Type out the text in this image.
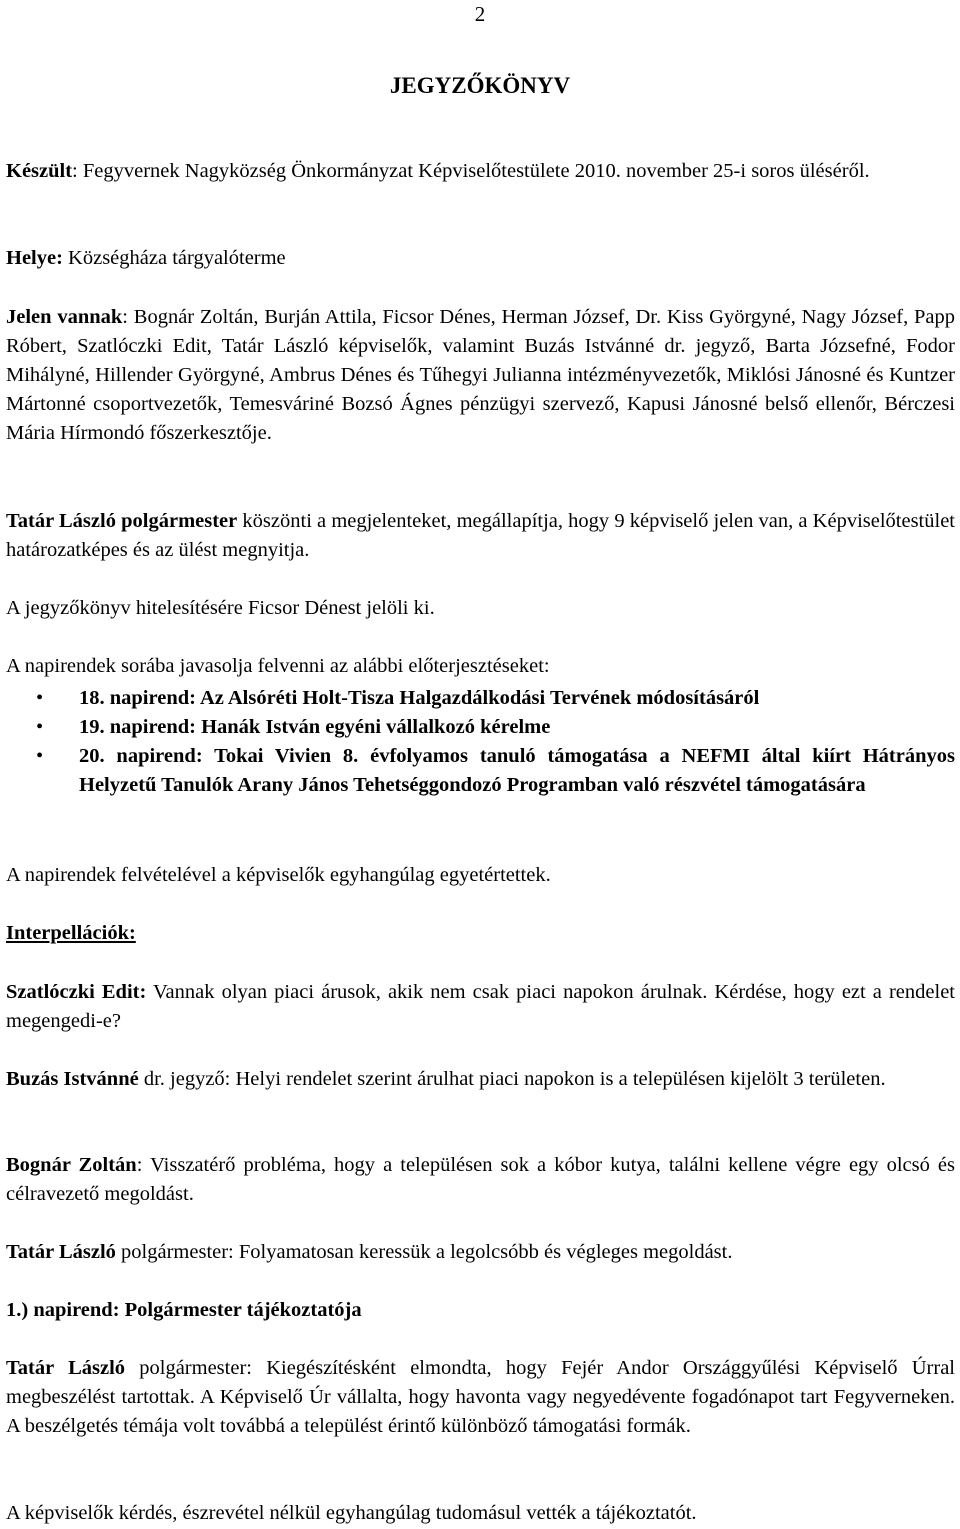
2
JEGYZŐKÖNYV
Készült: Fegyvernek Nagyközség Önkormányzat Képviselőtestülete 2010. november 25-i soros üléséről.
Helye: Községháza tárgyalóterme
Jelen vannak: Bognár Zoltán, Burján Attila, Ficsor Dénes, Herman József, Dr. Kiss Györgyné, Nagy József, Papp Róbert, Szatlóczki Edit, Tatár László képviselők, valamint Buzás Istvánné dr. jegyző, Barta Józsefné, Fodor Mihályné, Hillender Györgyné, Ambrus Dénes és Tűhegyi Julianna intézményvezetők, Miklósi Jánosné és Kuntzer Mártonné csoportvezetők, Temesváriné Bozsó Ágnes pénzügyi szervező, Kapusi Jánosné belső ellenőr, Bérczesi Mária Hírmondó főszerkesztője.
Tatár László polgármester köszönti a megjelenteket, megállapítja, hogy 9 képviselő jelen van, a Képviselőtestület határozatképes és az ülést megnyitja.
A jegyzőkönyv hitelesítésére Ficsor Dénest jelöli ki.
A napirendek sorába javasolja felvenni az alábbi előterjesztéseket:
• 18. napirend: Az Alsóréti Holt-Tisza Halgazdálkodási Tervének módosításáról
• 19. napirend: Hanák István egyéni vállalkozó kérelme
• 20. napirend: Tokai Vivien 8. évfolyamos tanuló támogatása a NEFMI által kiírt Hátrányos Helyzetű Tanulók Arany János Tehetséggondozó Programban való részvétel támogatására
A napirendek felvételével a képviselők egyhangúlag egyetértettek.
Interpellációk:
Szatlóczki Edit: Vannak olyan piaci árusok, akik nem csak piaci napokon árulnak. Kérdése, hogy ezt a rendelet megengedi-e?
Buzás Istvánné dr. jegyző: Helyi rendelet szerint árulhat piaci napokon is a településen kijelölt 3 területen.
Bognár Zoltán: Visszatérő probléma, hogy a településen sok a kóbor kutya, találni kellene végre egy olcsó és célravezető megoldást.
Tatár László polgármester: Folyamatosan keressük a legolcsóbb és végleges megoldást.
1.) napirend: Polgármester tájékoztatója
Tatár László polgármester: Kiegészítésként elmondta, hogy Fejér Andor Országgyűlési Képviselő Úrral megbeszélést tartottak. A Képviselő Úr vállalta, hogy havonta vagy negyedévente fogadónapot tart Fegyverneken. A beszélgetés témája volt továbbá a települést érintő különböző támogatási formák.
A képviselők kérdés, észrevétel nélkül egyhangúlag tudomásul vették a tájékoztatót.
